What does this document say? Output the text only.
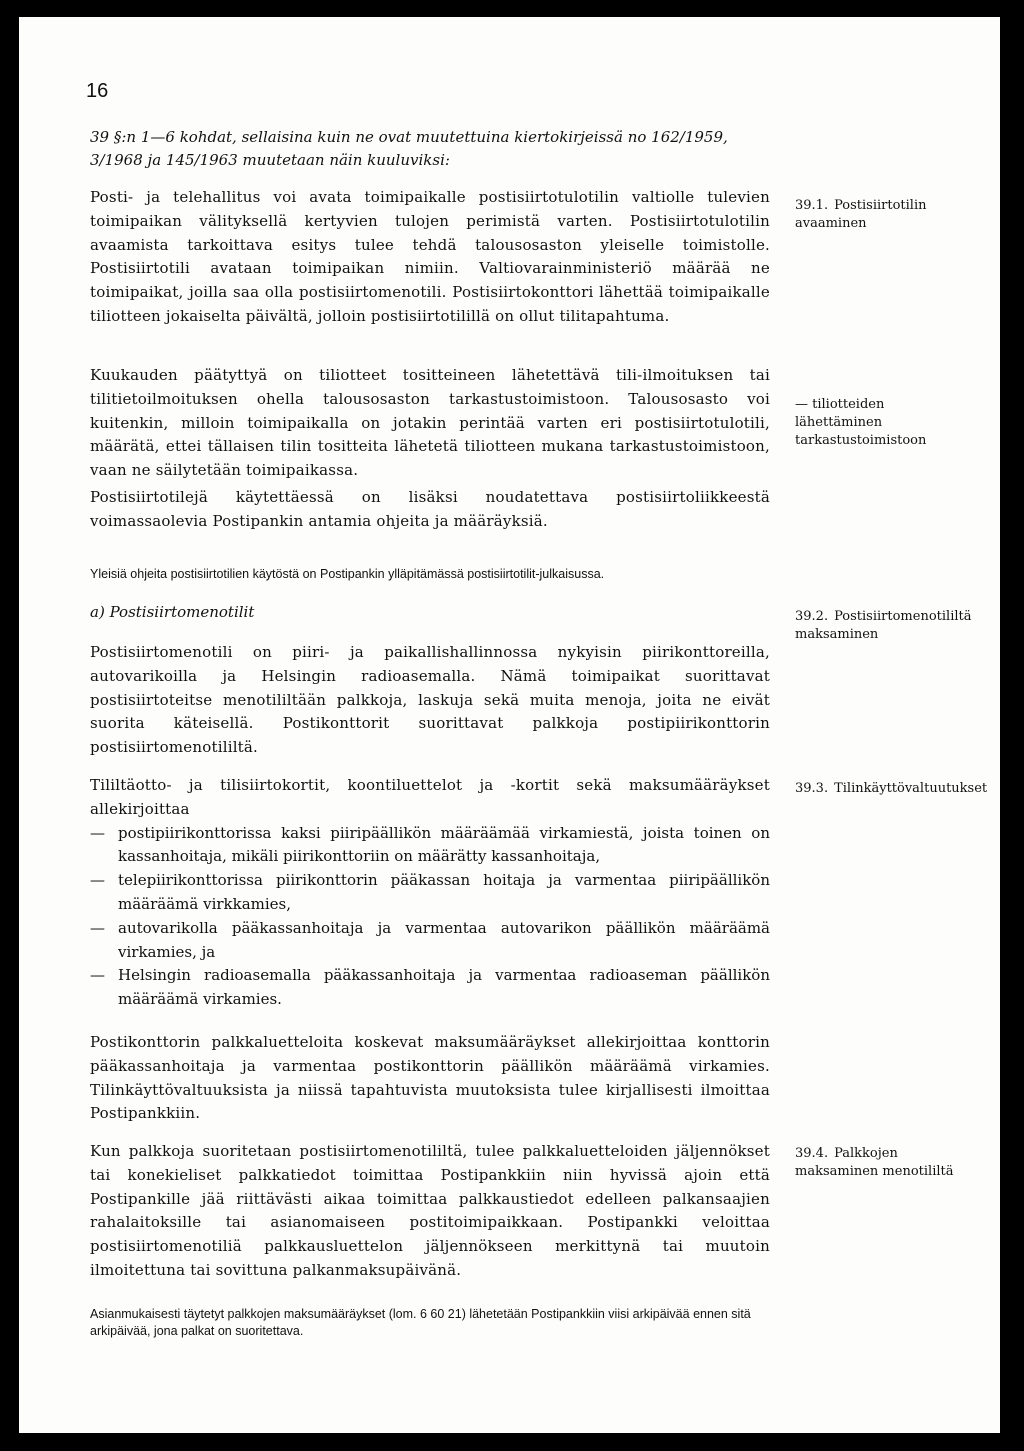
16
39 §:n 1—6 kohdat, sellaisina kuin ne ovat muutettuina kiertokirjeissä no 162/1959, 3/1968 ja 145/1963 muutetaan näin kuuluviksi:

Posti- ja telehallitus voi avata toimipaikalle postisiirtotulotilin valtiolle tulevien toimipaikan välityksellä kertyvien tulojen perimistä varten. Postisiirtotulotilin avaamista tarkoittava esitys tulee tehdä talousosaston yleiselle toimistolle. Postisiirtotili avataan toimipaikan nimiin. Valtiovarainministeriö määrää ne toimipaikat, joilla saa olla postisiirtomenotili. Postisiirtokonttori lähettää toimipaikalle tiliotteen jokaiselta päivältä, jolloin postisiirtotilillä on ollut tilitapahtuma.

39.1. Postisiirtotilin avaaminen

Kuukauden päätyttyä on tiliotteet tositteineen lähetettävä tili-ilmoituksen tai tilitietoilmoituksen ohella talousosaston tarkastustoimistoon. Talousosasto voi kuitenkin, milloin toimipaikalla on jotakin perintää varten eri postisiirtotulotili, määrätä, ettei tällaisen tilin tositteita lähetetä tiliotteen mukana tarkastustoimistoon, vaan ne säilytetään toimipaikassa.

— tiliotteiden lähettäminen tarkastustoimistoon

Postisiirtotilejä käytettäessä on lisäksi noudatettava postisiirtoliikkeestä voimassaolevia Postipankin antamia ohjeita ja määräyksiä.

Yleisiä ohjeita postisiirtotilien käytöstä on Postipankin ylläpitämässä postisiirtotilit-julkaisussa.
a) Postisiirtomenotilit

Postisiirtomenotili on piiri- ja paikallishallinnossa nykyisin piirikonttoreilla, autovarikoilla ja Helsingin radioasemalla. Nämä toimipaikat suorittavat postisiirtoteitse menotililtään palkkoja, laskuja sekä muita menoja, joita ne eivät suorita käteisellä. Postikonttorit suorittavat palkkoja postipiirikonttorin postisiirtomenotililtä.

39.2. Postisiirtomenotililtä maksaminen

Tililtäotto- ja tilisiirtokortit, koontiluettelot ja -kortit sekä maksumääräykset allekirjoittaa

— postipiirikonttorissa kaksi piiripäällikön määräämää virkamiestä, joista toinen on kassanhoitaja, mikäli piirikonttoriin on määrätty kassanhoitaja,
— telepiirikonttorissa piirikonttorin pääkassan hoitaja ja varmentaa piiripäällikön määräämä virkkamies,
— autovarikolla pääkassanhoitaja ja varmentaa autovarikon päällikön määräämä virkamies, ja
— Helsingin radioasemalla pääkassanhoitaja ja varmentaa radioaseman päällikön määräämä virkamies.
39.3. Tilinkäyttövaltuutukset

Postikonttorin palkkaluetteloita koskevat maksumääräykset allekirjoittaa konttorin pääkassanhoitaja ja varmentaa postikonttorin päällikön määräämä virkamies. Tilinkäyttövaltuuksista ja niissä tapahtuvista muutoksista tulee kirjallisesti ilmoittaa Postipankkiin.

Kun palkkoja suoritetaan postisiirtomenotililtä, tulee palkkaluetteloiden jäljennökset tai konekieliset palkkatiedot toimittaa Postipankkiin niin hyvissä ajoin että Postipankille jää riittävästi aikaa toimittaa palkkaustiedot edelleen palkansaajien rahalaitoksille tai asianomaiseen postitoimipaikkaan. Postipankki veloittaa postisiirtomenotiliä palkkausluettelon jäljennökseen merkittynä tai muutoin ilmoitettuna tai sovittuna palkanmaksupäivänä.

39.4. Palkkojen maksaminen menotililtä
Asianmukaisesti täytetyt palkkojen maksumääräykset (lom. 6 60 21) lähetetään Postipankkiin viisi arkipäivää ennen sitä arkipäivää, jona palkat on suoritettava.
